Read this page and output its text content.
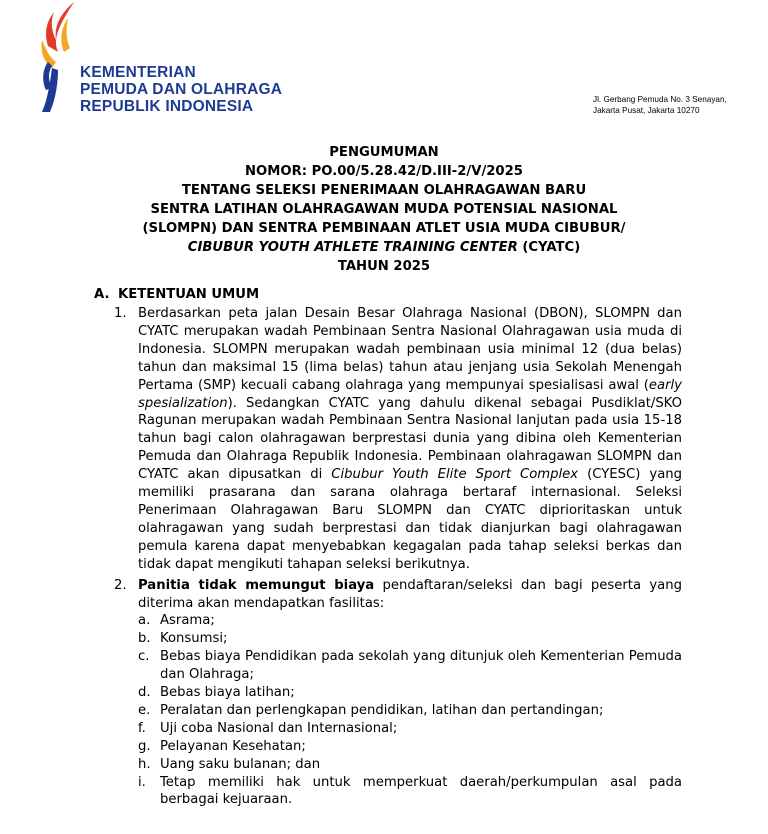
KEMENTERIAN
PEMUDA DAN OLAHRAGA
REPUBLIK INDONESIA	Jl. Gerbang Pemuda No. 3 Senayan,
Jakarta Pusat, Jakarta 10270
PENGUMUMAN
NOMOR: PO.00/5.28.42/D.III-2/V/2025
TENTANG SELEKSI PENERIMAAN OLAHRAGAWAN BARU
SENTRA LATIHAN OLAHRAGAWAN MUDA POTENSIAL NASIONAL
(SLOMPN) DAN SENTRA PEMBINAAN ATLET USIA MUDA CIBUBUR/
CIBUBUR YOUTH ATHLETE TRAINING CENTER (CYATC)
TAHUN 2025
A. KETENTUAN UMUM
1. Berdasarkan peta jalan Desain Besar Olahraga Nasional (DBON), SLOMPN dan CYATC merupakan wadah Pembinaan Sentra Nasional Olahragawan usia muda di Indonesia. SLOMPN merupakan wadah pembinaan usia minimal 12 (dua belas) tahun dan maksimal 15 (lima belas) tahun atau jenjang usia Sekolah Menengah Pertama (SMP) kecuali cabang olahraga yang mempunyai spesialisasi awal (early spesialization). Sedangkan CYATC yang dahulu dikenal sebagai Pusdiklat/SKO Ragunan merupakan wadah Pembinaan Sentra Nasional lanjutan pada usia 15-18 tahun bagi calon olahragawan berprestasi dunia yang dibina oleh Kementerian Pemuda dan Olahraga Republik Indonesia. Pembinaan olahragawan SLOMPN dan CYATC akan dipusatkan di Cibubur Youth Elite Sport Complex (CYESC) yang memiliki prasarana dan sarana olahraga bertaraf internasional. Seleksi Penerimaan Olahragawan Baru SLOMPN dan CYATC diprioritaskan untuk olahragawan yang sudah berprestasi dan tidak dianjurkan bagi olahragawan pemula karena dapat menyebabkan kegagalan pada tahap seleksi berkas dan tidak dapat mengikuti tahapan seleksi berikutnya.

2. Panitia tidak memungut biaya pendaftaran/seleksi dan bagi peserta yang diterima akan mendapatkan fasilitas:

a. Asrama;

b. Konsumsi;

c. Bebas biaya Pendidikan pada sekolah yang ditunjuk oleh Kementerian Pemuda dan Olahraga;

d. Bebas biaya latihan;

e. Peralatan dan perlengkapan pendidikan, latihan dan pertandingan;

f. Uji coba Nasional dan Internasional;

g. Pelayanan Kesehatan;

h. Uang saku bulanan; dan

i. Tetap memiliki hak untuk memperkuat daerah/perkumpulan asal pada berbagai kejuaraan.
